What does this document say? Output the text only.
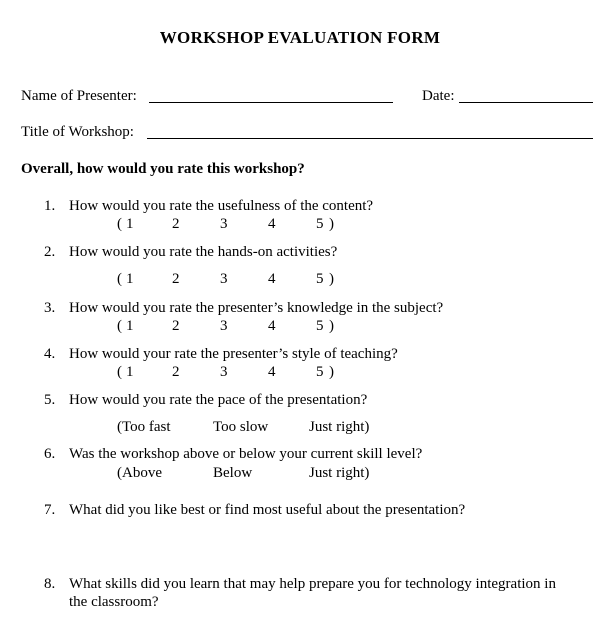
WORKSHOP EVALUATION FORM
Name of Presenter:	Date:
Title of Workshop:
Overall, how would you rate this workshop?
1. How would you rate the usefulness of the content?
( 1	2	3	4	5 )
2. How would you rate the hands-on activities?
( 1	2	3	4	5 )
3. How would you rate the presenter’s knowledge in the subject?
( 1	2	3	4	5 )
4. How would your rate the presenter’s style of teaching?
( 1	2	3	4	5 )
5. How would you rate the pace of the presentation?
(Too fast	Too slow	Just right)
6. Was the workshop above or below your current skill level?
(Above	Below	Just right)
7. What did you like best or find most useful about the presentation?
8. What skills did you learn that may help prepare you for technology integration in
the classroom?
